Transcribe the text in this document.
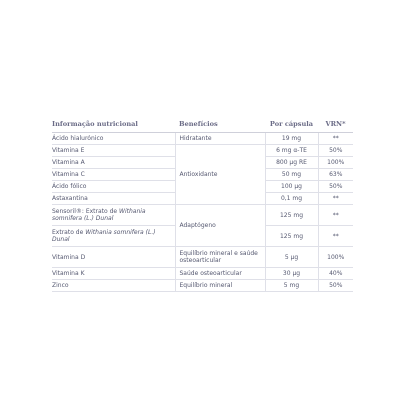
Informação nutricional	Benefícios	Por cápsula	VRN*
Ácido hialurónico	Hidratante	19 mg	**
Vitamina E	Antioxidante	6 mg α-TE	50%
Vitamina A		800 µg RE	100%
Vitamina C		50 mg	63%
Ácido fólico		100 µg	50%
Astaxantina		0,1 mg	**
Sensoril®: Extrato de Withania somnifera (L.) Dunal	Adaptógeno	125 mg	**
Extrato de Withania somnifera (L.) Dunal		125 mg	**
Vitamina D	Equilíbrio mineral e saúde osteoarticular	5 µg	100%
Vitamina K	Saúde osteoarticular	30 µg	40%
Zinco	Equilíbrio mineral	5 mg	50%
